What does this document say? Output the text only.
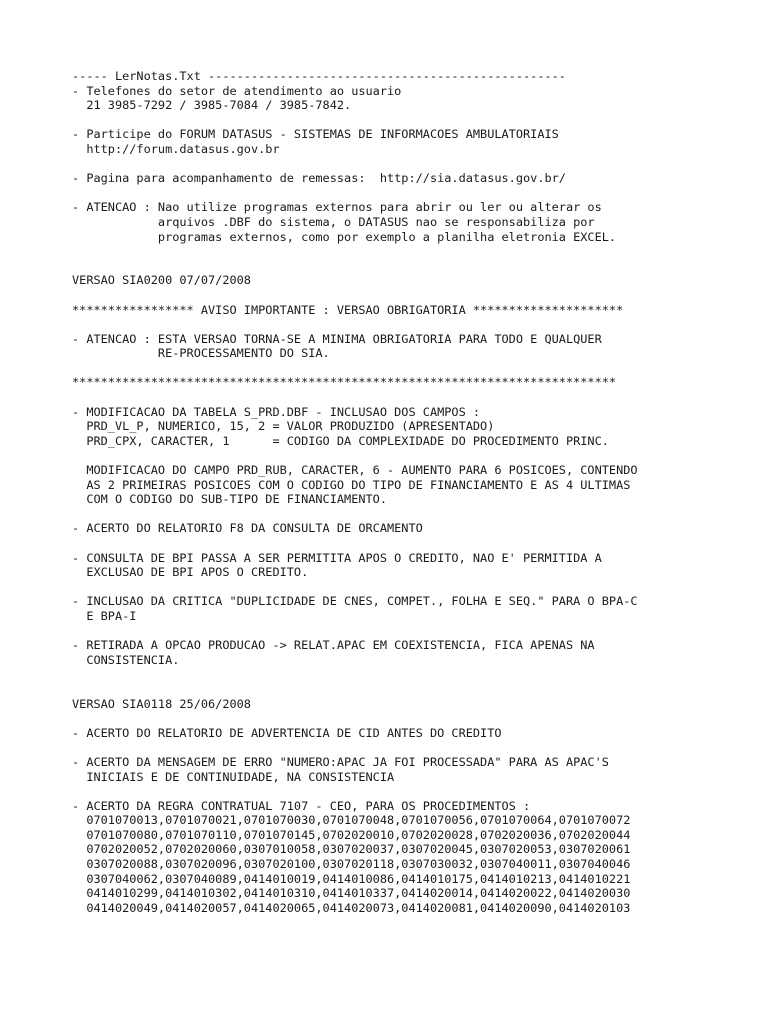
----- LerNotas.Txt --------------------------------------------------
- Telefones do setor de atendimento ao usuario
21 3985-7292 / 3985-7084 / 3985-7842.
- Participe do FORUM DATASUS - SISTEMAS DE INFORMACOES AMBULATORIAIS
http://forum.datasus.gov.br
- Pagina para acompanhamento de remessas:  http://sia.datasus.gov.br/
- ATENCAO : Nao utilize programas externos para abrir ou ler ou alterar os
arquivos .DBF do sistema, o DATASUS nao se responsabiliza por
programas externos, como por exemplo a planilha eletronia EXCEL.
VERSAO SIA0200 07/07/2008
***************** AVISO IMPORTANTE : VERSAO OBRIGATORIA *********************
- ATENCAO : ESTA VERSAO TORNA-SE A MINIMA OBRIGATORIA PARA TODO E QUALQUER
RE-PROCESSAMENTO DO SIA.
****************************************************************************
- MODIFICACAO DA TABELA S_PRD.DBF - INCLUSAO DOS CAMPOS :
PRD_VL_P, NUMERICO, 15, 2 = VALOR PRODUZIDO (APRESENTADO)
PRD_CPX, CARACTER, 1      = CODIGO DA COMPLEXIDADE DO PROCEDIMENTO PRINC.
MODIFICACAO DO CAMPO PRD_RUB, CARACTER, 6 - AUMENTO PARA 6 POSICOES, CONTENDO
AS 2 PRIMEIRAS POSICOES COM O CODIGO DO TIPO DE FINANCIAMENTO E AS 4 ULTIMAS
COM O CODIGO DO SUB-TIPO DE FINANCIAMENTO.
- ACERTO DO RELATORIO F8 DA CONSULTA DE ORCAMENTO
- CONSULTA DE BPI PASSA A SER PERMITITA APOS O CREDITO, NAO E' PERMITIDA A
EXCLUSAO DE BPI APOS O CREDITO.
- INCLUSAO DA CRITICA "DUPLICIDADE DE CNES, COMPET., FOLHA E SEQ." PARA O BPA-C
E BPA-I
- RETIRADA A OPCAO PRODUCAO -> RELAT.APAC EM COEXISTENCIA, FICA APENAS NA
CONSISTENCIA.
VERSAO SIA0118 25/06/2008
- ACERTO DO RELATORIO DE ADVERTENCIA DE CID ANTES DO CREDITO
- ACERTO DA MENSAGEM DE ERRO "NUMERO:APAC JA FOI PROCESSADA" PARA AS APAC'S
INICIAIS E DE CONTINUIDADE, NA CONSISTENCIA
- ACERTO DA REGRA CONTRATUAL 7107 - CEO, PARA OS PROCEDIMENTOS :
0701070013,0701070021,0701070030,0701070048,0701070056,0701070064,0701070072
0701070080,0701070110,0701070145,0702020010,0702020028,0702020036,0702020044
0702020052,0702020060,0307010058,0307020037,0307020045,0307020053,0307020061
0307020088,0307020096,0307020100,0307020118,0307030032,0307040011,0307040046
0307040062,0307040089,0414010019,0414010086,0414010175,0414010213,0414010221
0414010299,0414010302,0414010310,0414010337,0414020014,0414020022,0414020030
0414020049,0414020057,0414020065,0414020073,0414020081,0414020090,0414020103
